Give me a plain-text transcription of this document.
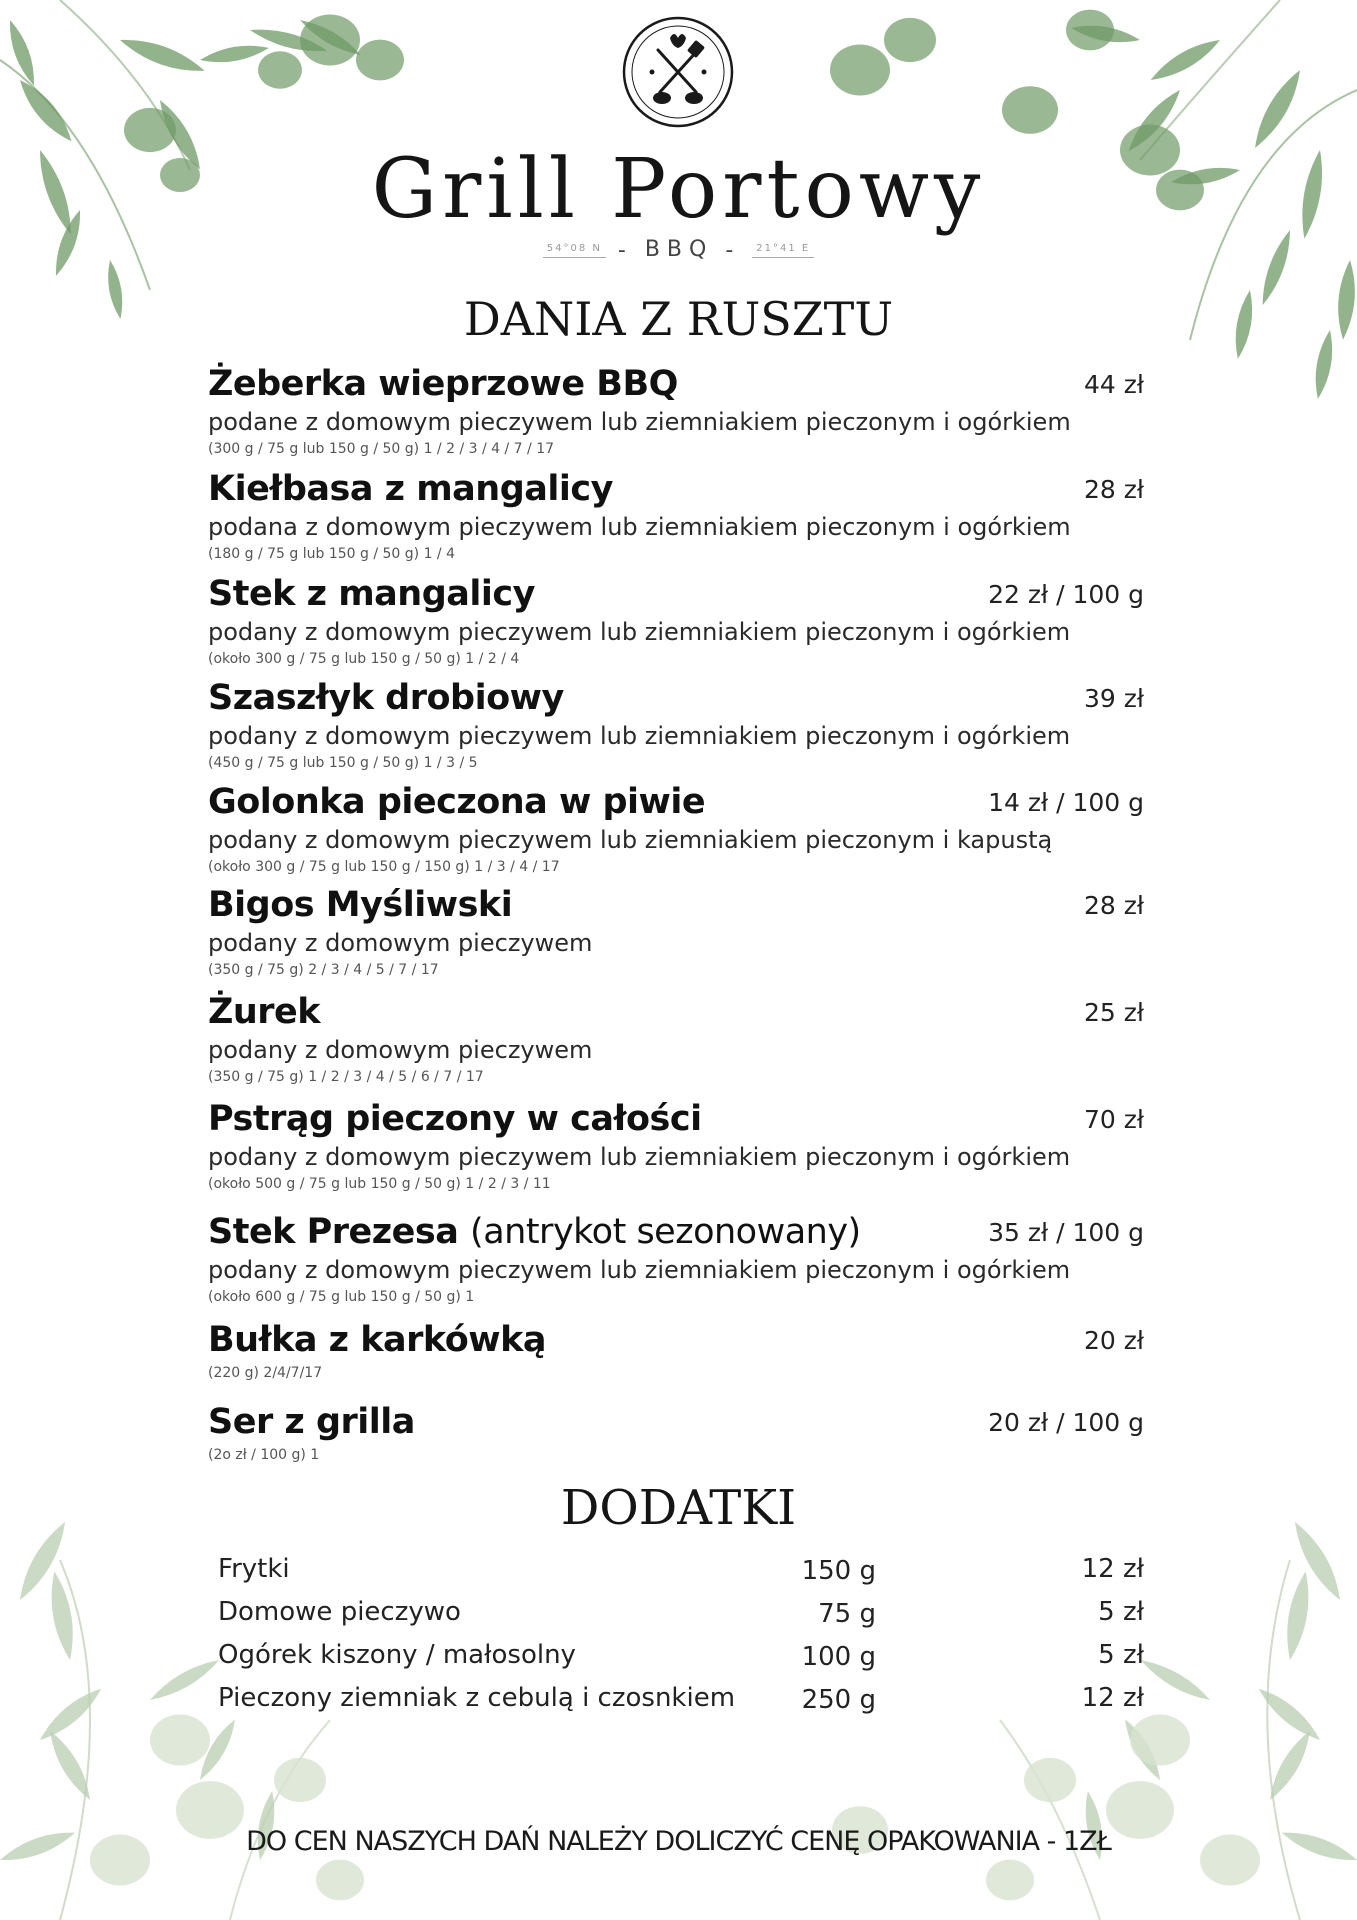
Grill Portowy
54°08 N - BBQ - 21°41 E
DANIA Z RUSZTU
Żeberka wieprzowe BBQ	44 zł
podane z domowym pieczywem lub ziemniakiem pieczonym i ogórkiem
(300 g / 75 g lub 150 g / 50 g) 1 / 2 / 3 / 4 / 7 / 17
Kiełbasa z mangalicy	28 zł
podana z domowym pieczywem lub ziemniakiem pieczonym i ogórkiem
(180 g / 75 g lub 150 g / 50 g) 1 / 4
Stek z mangalicy	22 zł / 100 g
podany z domowym pieczywem lub ziemniakiem pieczonym i ogórkiem
(około 300 g / 75 g lub 150 g / 50 g) 1 / 2 / 4
Szaszłyk drobiowy	39 zł
podany z domowym pieczywem lub ziemniakiem pieczonym i ogórkiem
(450 g / 75 g lub 150 g / 50 g) 1 / 3 / 5
Golonka pieczona w piwie	14 zł / 100 g
podany z domowym pieczywem lub ziemniakiem pieczonym i kapustą
(około 300 g / 75 g lub 150 g / 150 g) 1 / 3 / 4 / 17
Bigos Myśliwski	28 zł
podany z domowym pieczywem
(350 g / 75 g) 2 / 3 / 4 / 5 / 7 / 17
Żurek	25 zł
podany z domowym pieczywem
(350 g / 75 g) 1 / 2 / 3 / 4 / 5 / 6 / 7 / 17
Pstrąg pieczony w całości	70 zł
podany z domowym pieczywem lub ziemniakiem pieczonym i ogórkiem
(około 500 g / 75 g lub 150 g / 50 g) 1 / 2 / 3 / 11
Stek Prezesa (antrykot sezonowany)	35 zł / 100 g
podany z domowym pieczywem lub ziemniakiem pieczonym i ogórkiem
(około 600 g / 75 g lub 150 g / 50 g) 1
Bułka z karkówką	20 zł
(220 g) 2/4/7/17
Ser z grilla	20 zł / 100 g
(2o zł / 100 g) 1
DODATKI
Frytki	150 g	12 zł
Domowe pieczywo	75 g	5 zł
Ogórek kiszony / małosolny	100 g	5 zł
Pieczony ziemniak z cebulą i czosnkiem	250 g	12 zł
DO CEN NASZYCH DAŃ NALEŻY DOLICZYĆ CENĘ OPAKOWANIA - 1ZŁ
